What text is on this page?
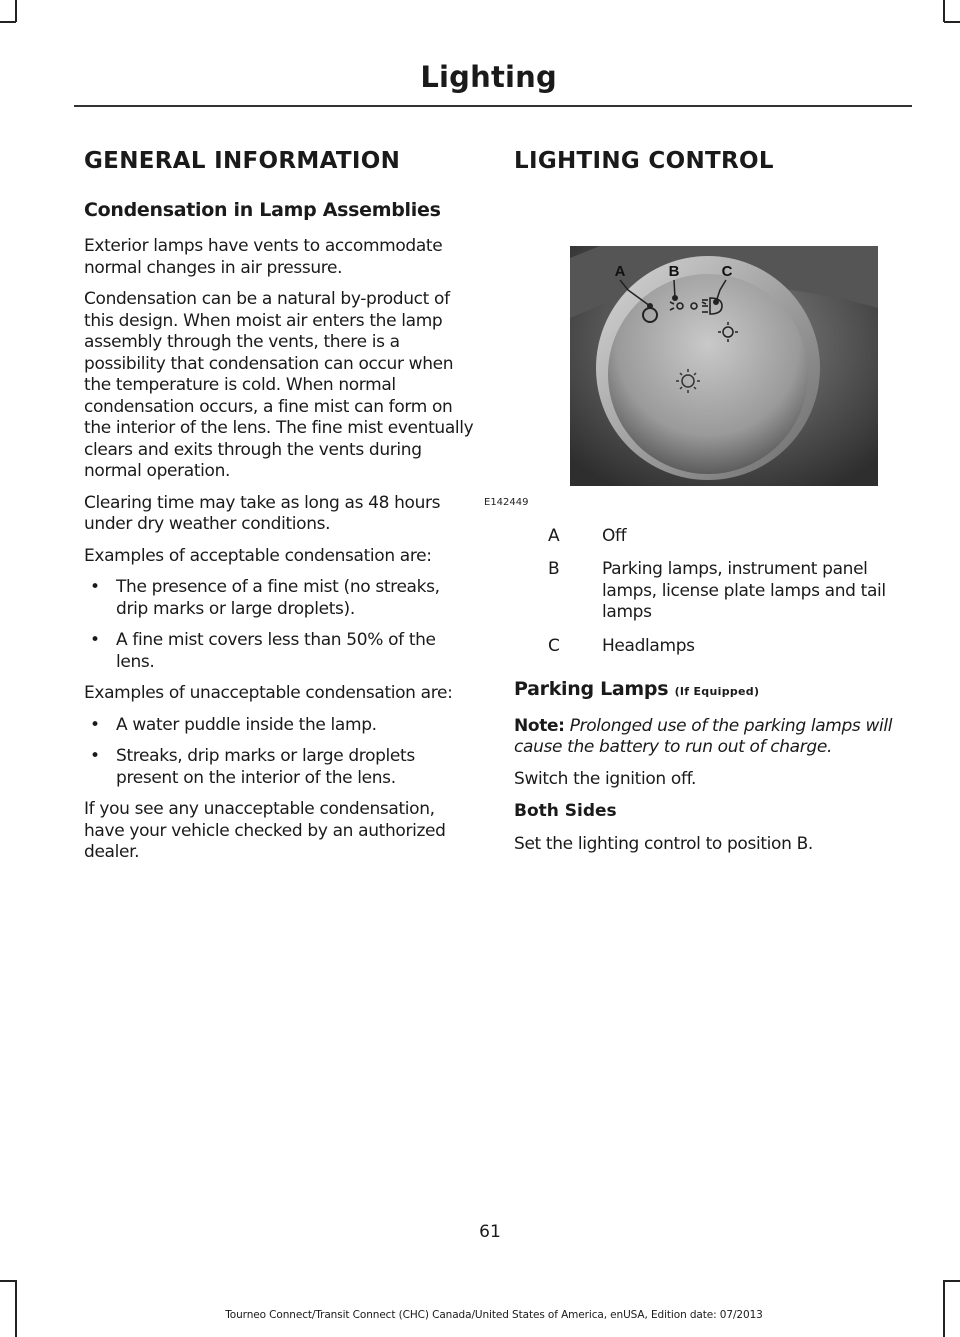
Lighting
GENERAL INFORMATION
Condensation in Lamp Assemblies

Exterior lamps have vents to accommodate normal changes in air pressure.

Condensation can be a natural by-product of this design. When moist air enters the lamp assembly through the vents, there is a possibility that condensation can occur when the temperature is cold. When normal condensation occurs, a fine mist can form on the interior of the lens. The fine mist eventually clears and exits through the vents during normal operation.

Clearing time may take as long as 48 hours under dry weather conditions.

Examples of acceptable condensation are:

• The presence of a fine mist (no streaks, drip marks or large droplets).
• A fine mist covers less than 50% of the lens.

Examples of unacceptable condensation are:

• A water puddle inside the lamp.
• Streaks, drip marks or large droplets present on the interior of the lens.

If you see any unacceptable condensation, have your vehicle checked by an authorized dealer.

LIGHTING CONTROL
A	B	C
E142449
A	Off
B	Parking lamps, instrument panel lamps, license plate lamps and tail lamps
C	Headlamps
Parking Lamps (If Equipped)

Note: Prolonged use of the parking lamps will cause the battery to run out of charge.

Switch the ignition off.

Both Sides

Set the lighting control to position B.

61
Tourneo Connect/Transit Connect (CHC) Canada/United States of America, enUSA, Edition date: 07/2013
